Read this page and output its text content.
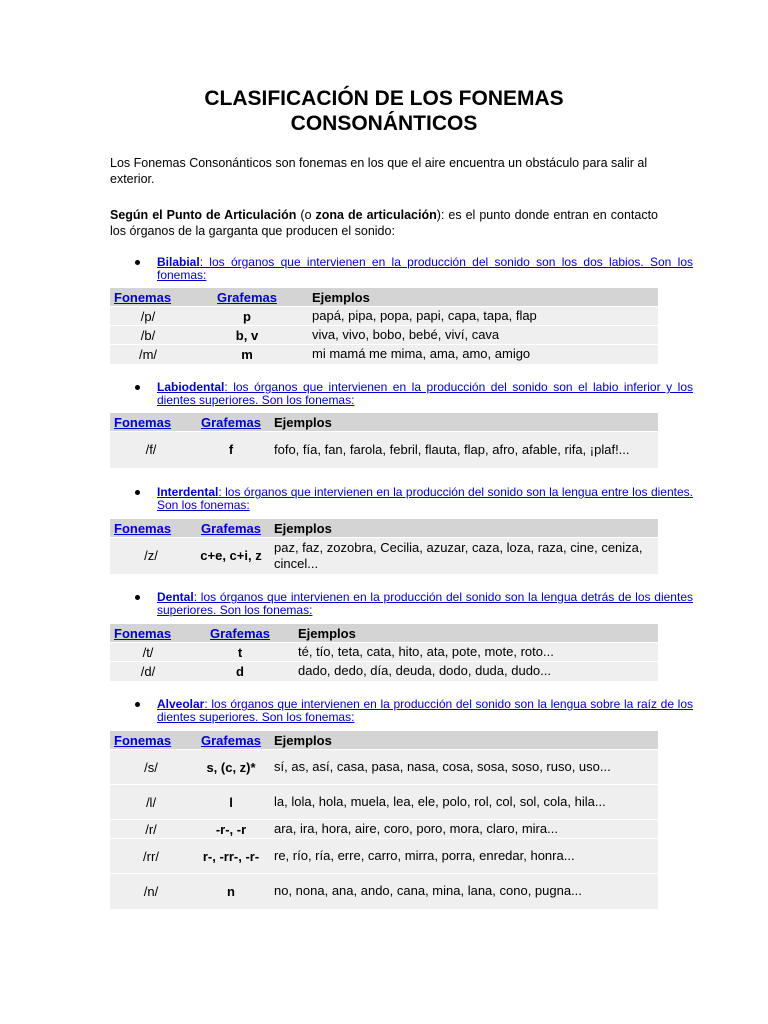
CLASIFICACIÓN DE LOS FONEMAS
CONSONÁNTICOS
Los Fonemas Consonánticos son fonemas en los que el aire encuentra un obstáculo para salir al exterior.
Según el Punto de Articulación (o zona de articulación): es el punto donde entran en contacto los órganos de la garganta que producen el sonido:
Bilabial: los órganos que intervienen en la producción del sonido son los dos labios. Son los fonemas:
Fonemas	Grafemas	Ejemplos
/p/	p	papá, pipa, popa, papi, capa, tapa, flap
/b/	b, v	viva, vivo, bobo, bebé, viví, cava
/m/	m	mi mamá me mima, ama, amo, amigo
Labiodental: los órganos que intervienen en la producción del sonido son el labio inferior y los dientes superiores. Son los fonemas:
Fonemas	Grafemas	Ejemplos
/f/	f	fofo, fía, fan, farola, febril, flauta, flap, afro, afable, rifa, ¡plaf!...
Interdental: los órganos que intervienen en la producción del sonido son la lengua entre los dientes. Son los fonemas:
Fonemas	Grafemas	Ejemplos
/z/	c+e, c+i, z	paz, faz, zozobra, Cecilia, azuzar, caza, loza, raza, cine, ceniza, cincel...
Dental: los órganos que intervienen en la producción del sonido son la lengua detrás de los dientes superiores. Son los fonemas:
Fonemas	Grafemas	Ejemplos
/t/	t	té, tío, teta, cata, hito, ata, pote, mote, roto...
/d/	d	dado, dedo, día, deuda, dodo, duda, dudo...
Alveolar: los órganos que intervienen en la producción del sonido son la lengua sobre la raíz de los dientes superiores. Son los fonemas:
Fonemas	Grafemas	Ejemplos
/s/	s, (c, z)*	sí, as, así, casa, pasa, nasa, cosa, sosa, soso, ruso, uso...
/l/	l	la, lola, hola, muela, lea, ele, polo, rol, col, sol, cola, hila...
/r/	-r-, -r	ara, ira, hora, aire, coro, poro, mora, claro, mira...
/rr/	r-, -rr-, -r-	re, río, ría, erre, carro, mirra, porra, enredar, honra...
/n/	n	no, nona, ana, ando, cana, mina, lana, cono, pugna...
